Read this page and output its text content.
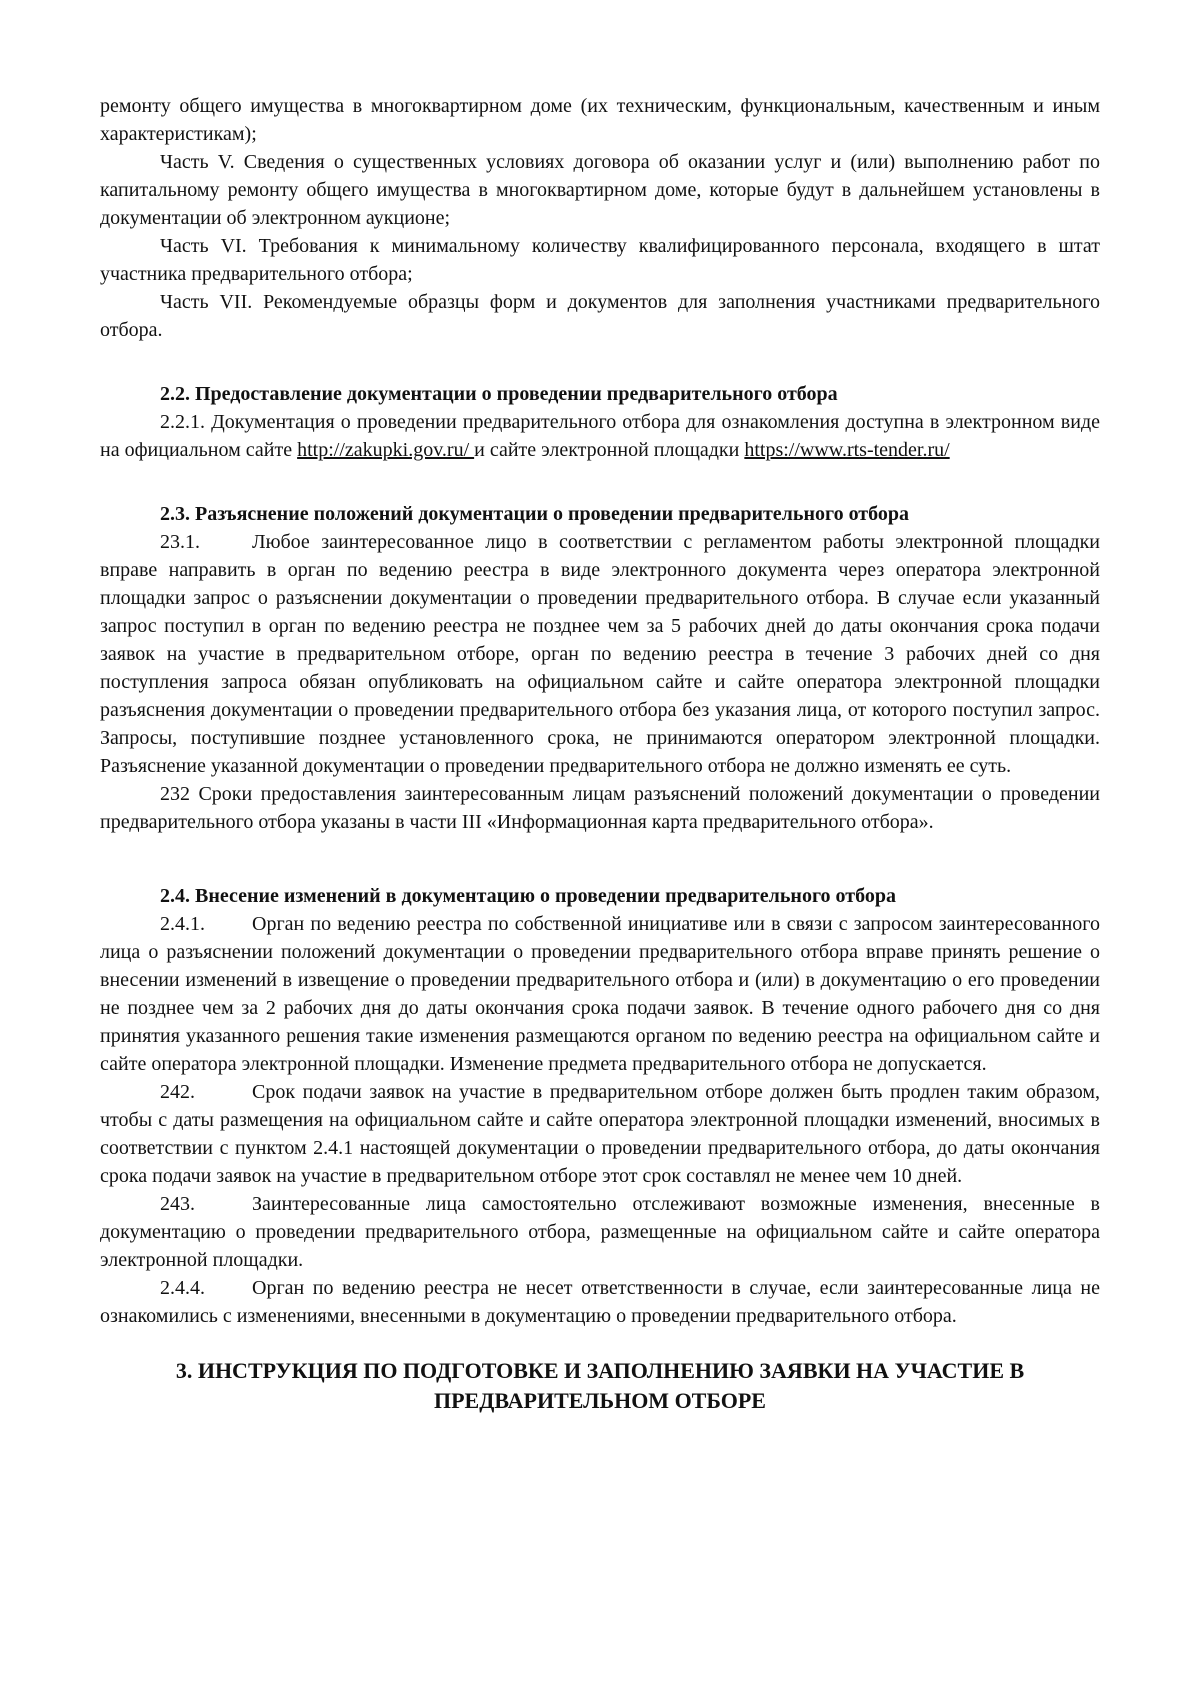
ремонту общего имущества в многоквартирном доме (их техническим, функциональным, качественным и иным характеристикам);

Часть V. Сведения о существенных условиях договора об оказании услуг и (или) выполнению работ по капитальному ремонту общего имущества в многоквартирном доме, которые будут в дальнейшем установлены в документации об электронном аукционе;

Часть VI. Требования к минимальному количеству квалифицированного персонала, входящего в штат участника предварительного отбора;

Часть VII. Рекомендуемые образцы форм и документов для заполнения участниками предварительного отбора.

2.2. Предоставление документации о проведении предварительного отбора

2.2.1. Документация о проведении предварительного отбора для ознакомления доступна в электронном виде на официальном сайте http://zakupki.gov.ru/ и сайте электронной площадки https://www.rts-tender.ru/

2.3. Разъяснение положений документации о проведении предварительного отбора

23.1.	Любое заинтересованное лицо в соответствии с регламентом работы электронной площадки вправе направить в орган по ведению реестра в виде электронного документа через оператора электронной площадки запрос о разъяснении документации о проведении предварительного отбора. В случае если указанный запрос поступил в орган по ведению реестра не позднее чем за 5 рабочих дней до даты окончания срока подачи заявок на участие в предварительном отборе, орган по ведению реестра в течение 3 рабочих дней со дня поступления запроса обязан опубликовать на официальном сайте и сайте оператора электронной площадки разъяснения документации о проведении предварительного отбора без указания лица, от которого поступил запрос. Запросы, поступившие позднее установленного срока, не принимаются оператором электронной площадки. Разъяснение указанной документации о проведении предварительного отбора не должно изменять ее суть.

232 Сроки предоставления заинтересованным лицам разъяснений положений документации о проведении предварительного отбора указаны в части III «Информационная карта предварительного отбора».

2.4. Внесение изменений в документацию о проведении предварительного отбора

2.4.1. Орган по ведению реестра по собственной инициативе или в связи с запросом заинтересованного лица о разъяснении положений документации о проведении предварительного отбора вправе принять решение о внесении изменений в извещение о проведении предварительного отбора и (или) в документацию о его проведении не позднее чем за 2 рабочих дня до даты окончания срока подачи заявок. В течение одного рабочего дня со дня принятия указанного решения такие изменения размещаются органом по ведению реестра на официальном сайте и сайте оператора электронной площадки. Изменение предмета предварительного отбора не допускается.

242.	Срок подачи заявок на участие в предварительном отборе должен быть продлен таким образом, чтобы с даты размещения на официальном сайте и сайте оператора электронной площадки изменений, вносимых в соответствии с пунктом 2.4.1 настоящей документации о проведении предварительного отбора, до даты окончания срока подачи заявок на участие в предварительном отборе этот срок составлял не менее чем 10 дней.

243.	Заинтересованные лица самостоятельно отслеживают возможные изменения, внесенные в документацию о проведении предварительного отбора, размещенные на официальном сайте и сайте оператора электронной площадки.

2.4.4. Орган по ведению реестра не несет ответственности в случае, если заинтересованные лица не ознакомились с изменениями, внесенными в документацию о проведении предварительного отбора.

3. ИНСТРУКЦИЯ ПО ПОДГОТОВКЕ И ЗАПОЛНЕНИЮ ЗАЯВКИ НА УЧАСТИЕ В
ПРЕДВАРИТЕЛЬНОМ ОТБОРЕ
